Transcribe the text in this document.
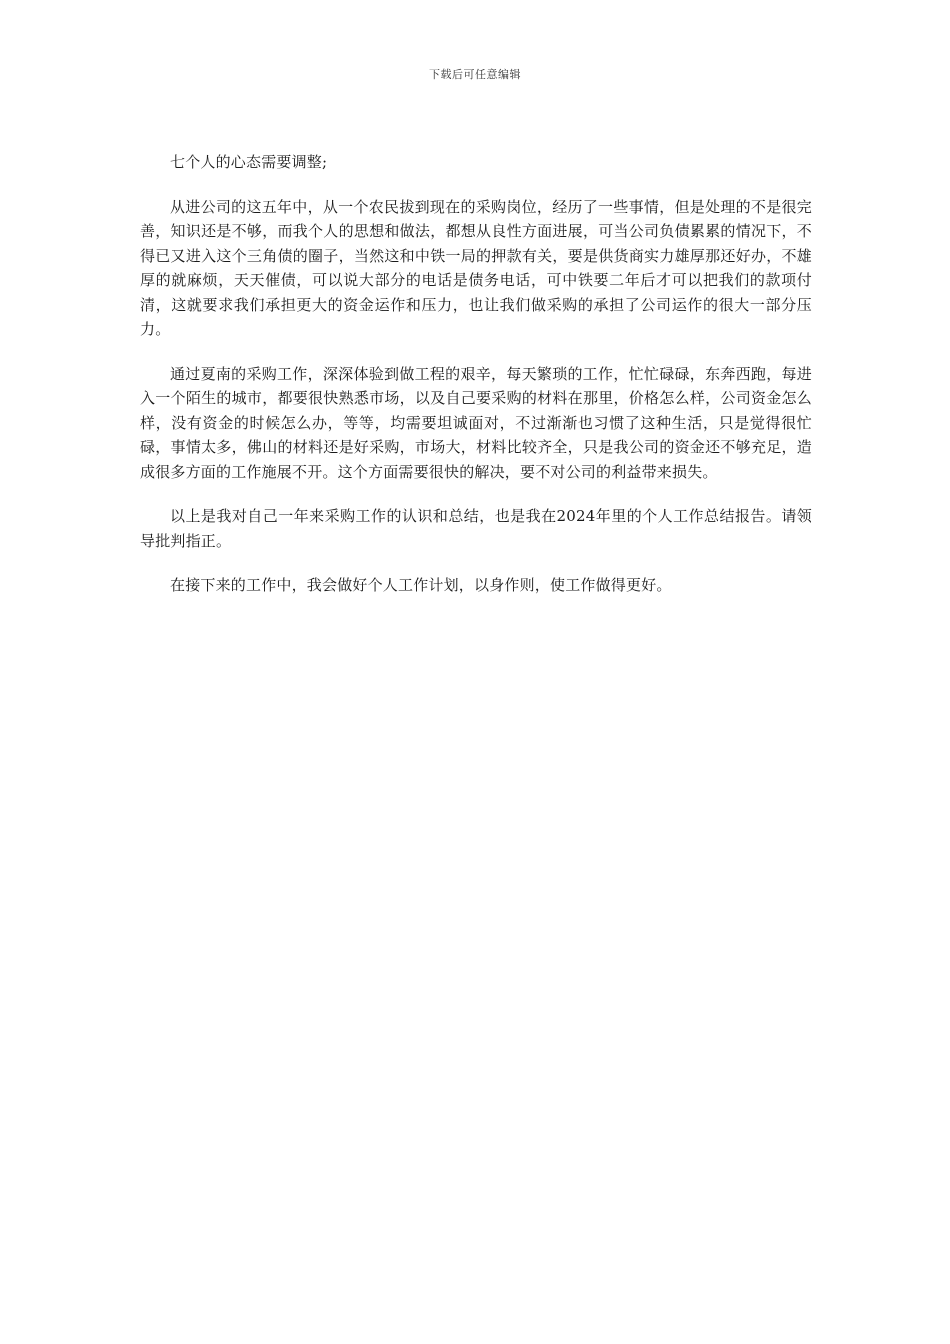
下载后可任意编辑

七个人的心态需要调整;

从进公司的这五年中，从一个农民拔到现在的采购岗位，经历了一些事情，但是处理的不是很完善，知识还是不够，而我个人的思想和做法，都想从良性方面进展，可当公司负债累累的情况下，不得已又进入这个三角债的圈子，当然这和中铁一局的押款有关，要是供货商实力雄厚那还好办，不雄厚的就麻烦，天天催债，可以说大部分的电话是债务电话，可中铁要二年后才可以把我们的款项付清，这就要求我们承担更大的资金运作和压力，也让我们做采购的承担了公司运作的很大一部分压力。

通过夏南的采购工作，深深体验到做工程的艰辛，每天繁琐的工作，忙忙碌碌，东奔西跑，每进入一个陌生的城市，都要很快熟悉市场，以及自己要采购的材料在那里，价格怎么样，公司资金怎么样，没有资金的时候怎么办，等等，均需要坦诚面对，不过渐渐也习惯了这种生活，只是觉得很忙碌，事情太多，佛山的材料还是好采购，市场大，材料比较齐全，只是我公司的资金还不够充足，造成很多方面的工作施展不开。这个方面需要很快的解决，要不对公司的利益带来损失。

以上是我对自己一年来采购工作的认识和总结，也是我在2024年里的个人工作总结报告。请领导批判指正。

在接下来的工作中，我会做好个人工作计划，以身作则，使工作做得更好。
